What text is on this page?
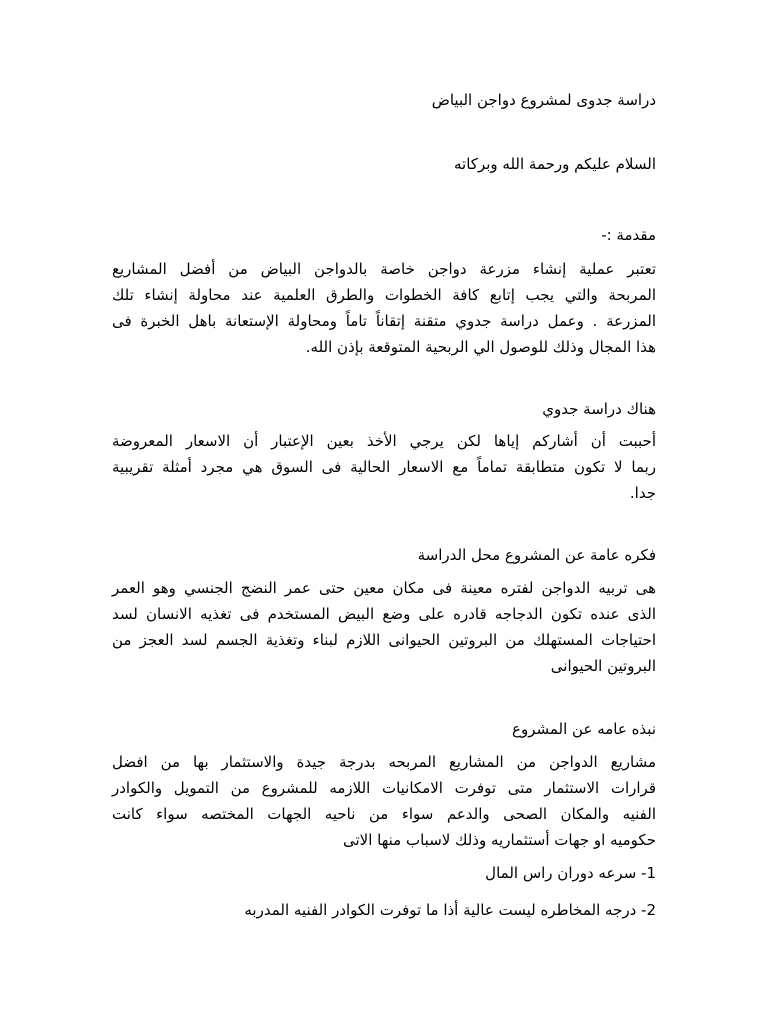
دراسة جدوى لمشروع دواجن البياض
السلام عليكم ورحمة الله وبركاته
مقدمة :-
تعتبر عملية إنشاء مزرعة دواجن خاصة بالدواجن البياض من أفضل المشاريع
المربحة والتي يجب إتابع كافة الخطوات والطرق العلمية عند محاولة إنشاء تلك
المزرعة . وعمل دراسة جدوي متقنة إتقاناً تاماً ومحاولة الإستعانة باهل الخبرة فى
هذا المجال وذلك للوصول الي الربحية المتوقعة بإذن الله.
هناك دراسة جدوي
أحببت أن أشاركم إياها لكن يرجي الأخذ بعين الإعتبار أن الاسعار المعروضة
ربما لا تكون متطابقة تماماً مع الاسعار الحالية فى السوق هي مجرد أمثلة تقريبية
جدا.
فكره عامة عن المشروع محل الدراسة
هى تربيه الدواجن لفتره معينة فى مكان معين حتى عمر النضج الجنسي وهو العمر
الذى عنده تكون الدجاجه قادره على وضع البيض المستخدم فى تغذيه الانسان لسد
احتياجات المستهلك من البروتين الحيوانى اللازم لبناء وتغذية الجسم لسد العجز من
البروتين الحيوانى
نبذه عامه عن المشروع
مشاريع الدواجن من المشاريع المربحه بدرجة جيدة والاستثمار بها من افضل
قرارات الاستثمار متى توفرت الامكانيات اللازمه للمشروع من التمويل والكوادر
الفنيه والمكان الصحى والدعم سواء من ناحيه الجهات المختصه سواء كانت
حكوميه او جهات أستثماريه وذلك لاسباب منها الاتى
1- سرعه دوران راس المال
2- درجه المخاطره ليست عالية أذا ما توفرت الكوادر الفنيه المدربه
